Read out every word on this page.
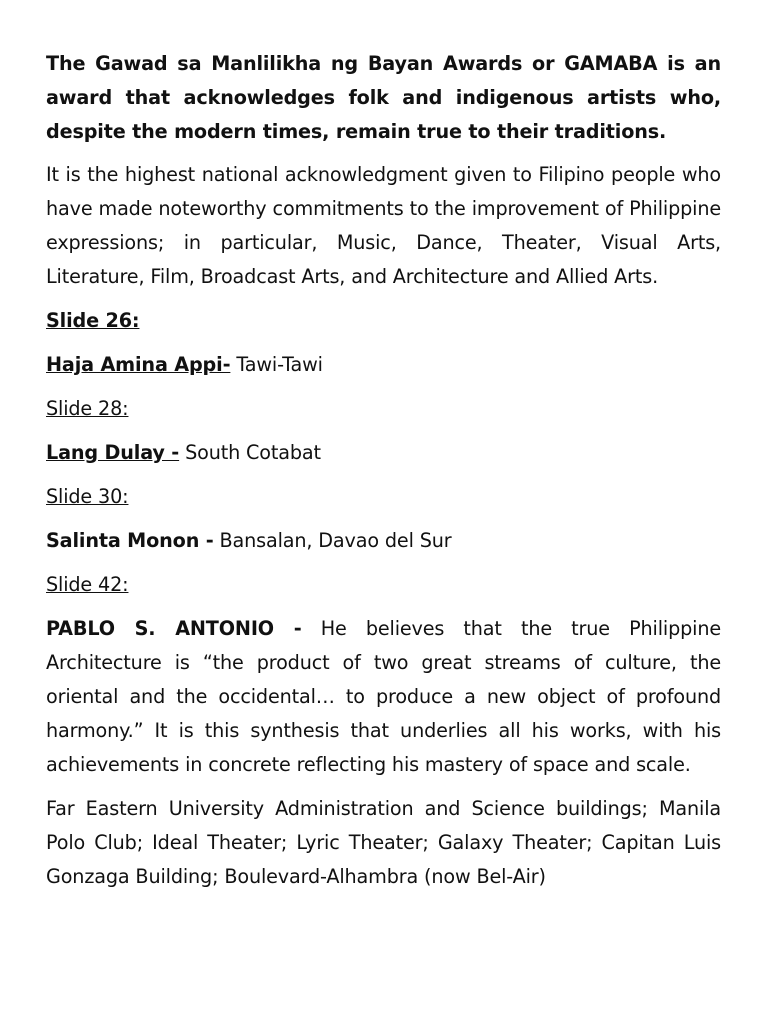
The Gawad sa Manlilikha ng Bayan Awards or GAMABA is an award that acknowledges folk and indigenous artists who, despite the modern times, remain true to their traditions.

It is the highest national acknowledgment given to Filipino people who have made noteworthy commitments to the improvement of Philippine expressions; in particular, Music, Dance, Theater, Visual Arts, Literature, Film, Broadcast Arts, and Architecture and Allied Arts.

Slide 26:

Haja Amina Appi- Tawi-Tawi

Slide 28:

Lang Dulay - South Cotabat

Slide 30:

Salinta Monon - Bansalan, Davao del Sur

Slide 42:

PABLO S. ANTONIO - He believes that the true Philippine Architecture is “the product of two great streams of culture, the oriental and the occidental… to produce a new object of profound harmony.” It is this synthesis that underlies all his works, with his achievements in concrete reflecting his mastery of space and scale.

Far Eastern University Administration and Science buildings; Manila Polo Club; Ideal Theater; Lyric Theater; Galaxy Theater; Capitan Luis Gonzaga Building; Boulevard-Alhambra (now Bel-Air)
